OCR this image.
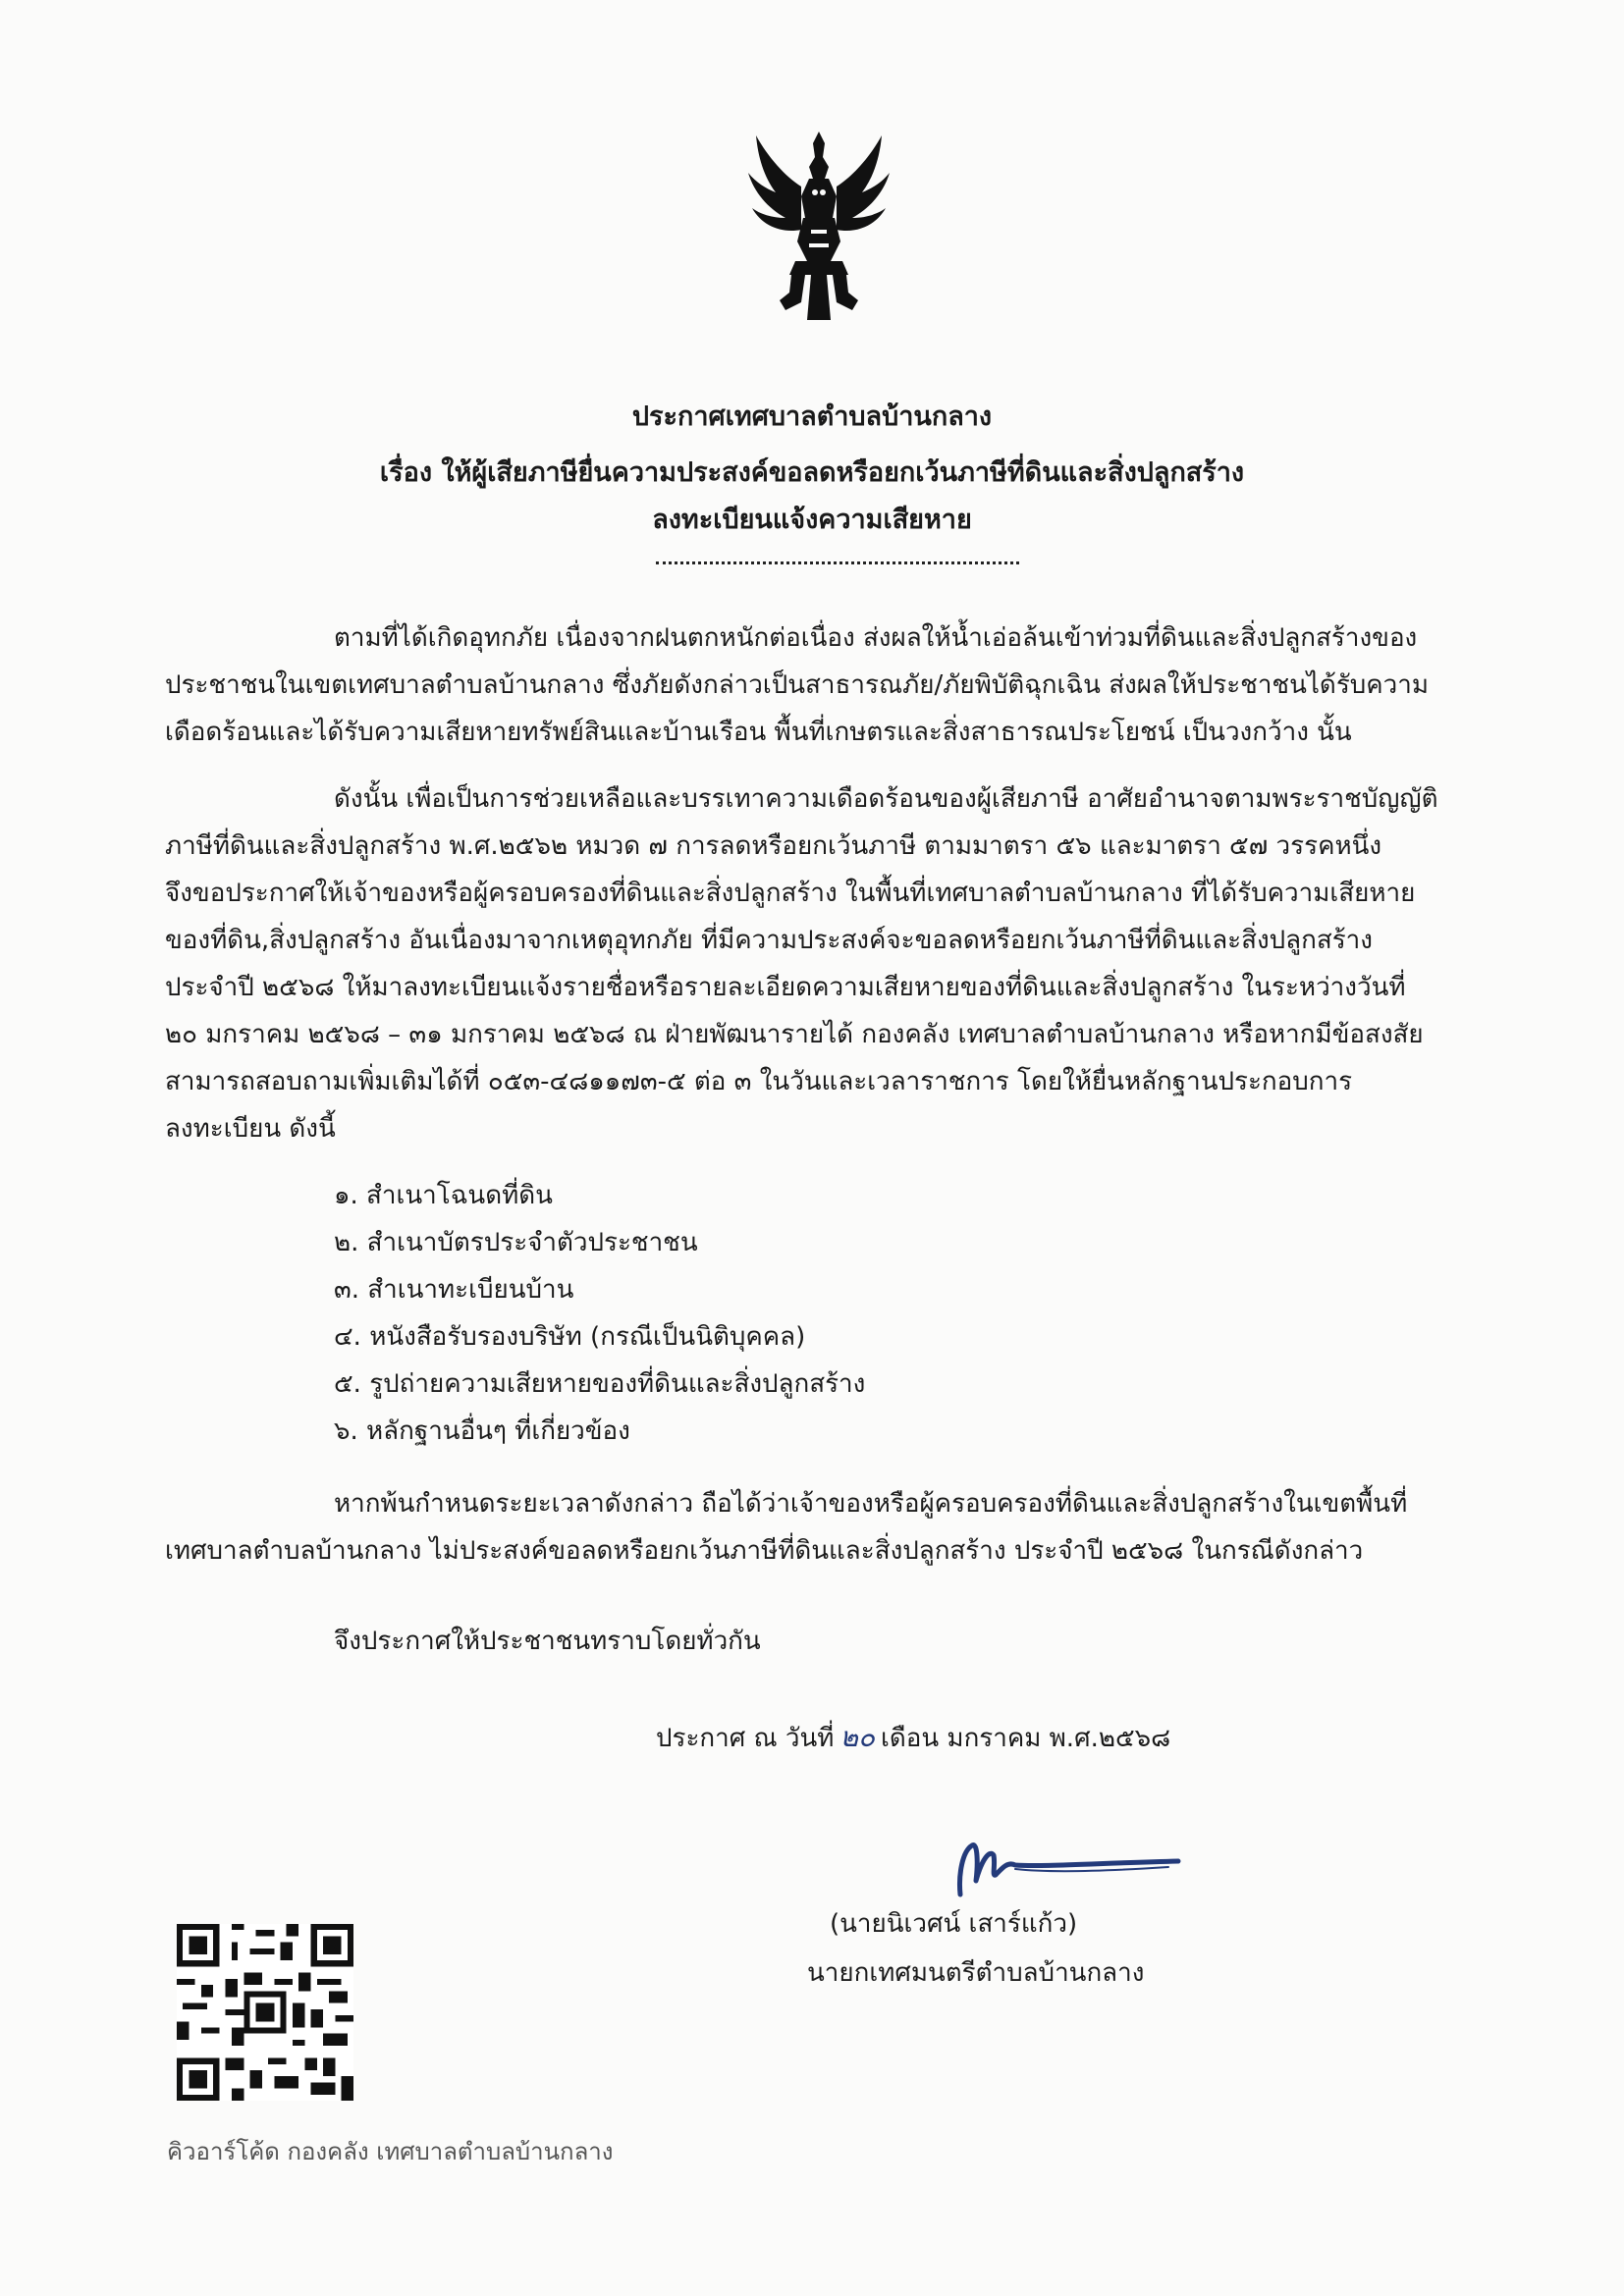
ประกาศเทศบาลตำบลบ้านกลาง
เรื่อง ให้ผู้เสียภาษียื่นความประสงค์ขอลดหรือยกเว้นภาษีที่ดินและสิ่งปลูกสร้าง
ลงทะเบียนแจ้งความเสียหาย
ตามที่ได้เกิดอุทกภัย เนื่องจากฝนตกหนักต่อเนื่อง ส่งผลให้น้ำเอ่อล้นเข้าท่วมที่ดินและสิ่งปลูกสร้างของ
ประชาชนในเขตเทศบาลตำบลบ้านกลาง ซึ่งภัยดังกล่าวเป็นสาธารณภัย/ภัยพิบัติฉุกเฉิน ส่งผลให้ประชาชนได้รับความ
เดือดร้อนและได้รับความเสียหายทรัพย์สินและบ้านเรือน พื้นที่เกษตรและสิ่งสาธารณประโยชน์ เป็นวงกว้าง นั้น
ดังนั้น เพื่อเป็นการช่วยเหลือและบรรเทาความเดือดร้อนของผู้เสียภาษี อาศัยอำนาจตามพระราชบัญญัติ
ภาษีที่ดินและสิ่งปลูกสร้าง พ.ศ.๒๕๖๒ หมวด ๗ การลดหรือยกเว้นภาษี ตามมาตรา ๕๖ และมาตรา ๕๗ วรรคหนึ่ง
จึงขอประกาศให้เจ้าของหรือผู้ครอบครองที่ดินและสิ่งปลูกสร้าง ในพื้นที่เทศบาลตำบลบ้านกลาง ที่ได้รับความเสียหาย
ของที่ดิน,สิ่งปลูกสร้าง อันเนื่องมาจากเหตุอุทกภัย ที่มีความประสงค์จะขอลดหรือยกเว้นภาษีที่ดินและสิ่งปลูกสร้าง
ประจำปี ๒๕๖๘ ให้มาลงทะเบียนแจ้งรายชื่อหรือรายละเอียดความเสียหายของที่ดินและสิ่งปลูกสร้าง ในระหว่างวันที่
๒๐ มกราคม ๒๕๖๘ – ๓๑ มกราคม ๒๕๖๘ ณ ฝ่ายพัฒนารายได้ กองคลัง เทศบาลตำบลบ้านกลาง หรือหากมีข้อสงสัย
สามารถสอบถามเพิ่มเติมได้ที่ ๐๕๓-๔๘๑๑๗๓-๕ ต่อ ๓ ในวันและเวลาราชการ โดยให้ยื่นหลักฐานประกอบการ
ลงทะเบียน ดังนี้
๑. สำเนาโฉนดที่ดิน
๒. สำเนาบัตรประจำตัวประชาชน
๓. สำเนาทะเบียนบ้าน
๔. หนังสือรับรองบริษัท (กรณีเป็นนิติบุคคล)
๕. รูปถ่ายความเสียหายของที่ดินและสิ่งปลูกสร้าง
๖. หลักฐานอื่นๆ ที่เกี่ยวข้อง
หากพ้นกำหนดระยะเวลาดังกล่าว ถือได้ว่าเจ้าของหรือผู้ครอบครองที่ดินและสิ่งปลูกสร้างในเขตพื้นที่
เทศบาลตำบลบ้านกลาง ไม่ประสงค์ขอลดหรือยกเว้นภาษีที่ดินและสิ่งปลูกสร้าง ประจำปี ๒๕๖๘ ในกรณีดังกล่าว
จึงประกาศให้ประชาชนทราบโดยทั่วกัน
ประกาศ ณ วันที่ ๒๐ เดือน มกราคม พ.ศ.๒๕๖๘
(นายนิเวศน์ เสาร์แก้ว)
นายกเทศมนตรีตำบลบ้านกลาง
คิวอาร์โค้ด กองคลัง เทศบาลตำบลบ้านกลาง
